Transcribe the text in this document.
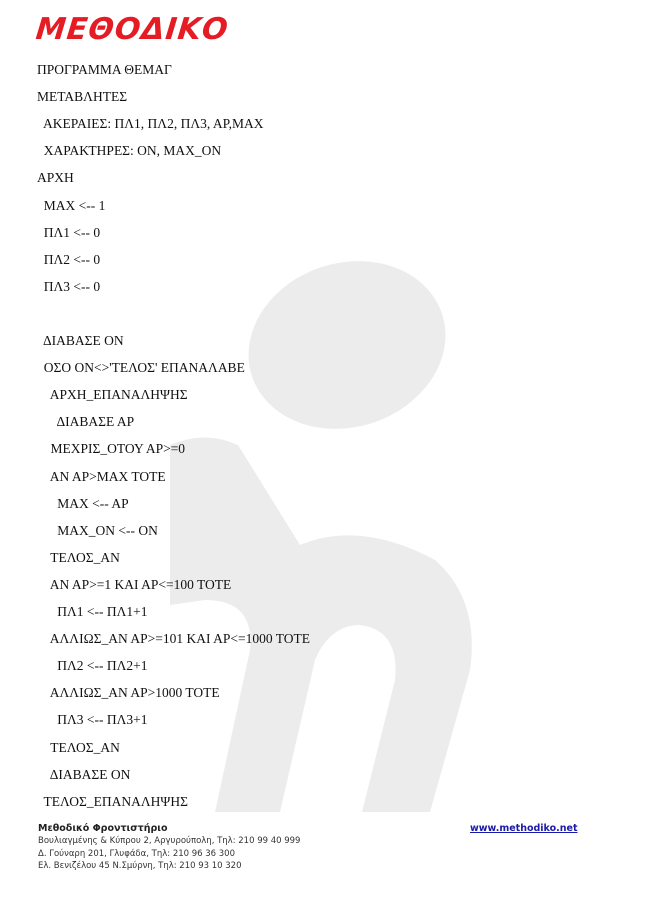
ΜΕΘΟΔΙΚΟ
ΠΡΟΓΡΑΜΜΑ ΘΕΜΑΓ
ΜΕΤΑΒΛΗΤΕΣ
ΑΚΕΡΑΙΕΣ: ΠΛ1, ΠΛ2, ΠΛ3, ΑΡ,ΜΑΧ
ΧΑΡΑΚΤΗΡΕΣ: ΟΝ, ΜΑΧ_ΟΝ
ΑΡΧΗ
ΜΑΧ <-- 1
ΠΛ1 <-- 0
ΠΛ2 <-- 0
ΠΛ3 <-- 0
ΔΙΑΒΑΣΕ ΟΝ
ΟΣΟ ΟΝ<>'ΤΕΛΟΣ' ΕΠΑΝΑΛΑΒΕ
ΑΡΧΗ_ΕΠΑΝΑΛΗΨΗΣ
ΔΙΑΒΑΣΕ ΑΡ
ΜΕΧΡΙΣ_ΟΤΟΥ ΑΡ>=0
ΑΝ ΑΡ>ΜΑΧ ΤΟΤΕ
ΜΑΧ <-- ΑΡ
ΜΑΧ_ΟΝ <-- ΟΝ
ΤΕΛΟΣ_ΑΝ
ΑΝ ΑΡ>=1 ΚΑΙ ΑΡ<=100 ΤΟΤΕ
ΠΛ1 <-- ΠΛ1+1
ΑΛΛΙΩΣ_ΑΝ ΑΡ>=101 ΚΑΙ ΑΡ<=1000 ΤΟΤΕ
ΠΛ2 <-- ΠΛ2+1
ΑΛΛΙΩΣ_ΑΝ ΑΡ>1000 ΤΟΤΕ
ΠΛ3 <-- ΠΛ3+1
ΤΕΛΟΣ_ΑΝ
ΔΙΑΒΑΣΕ ΟΝ
ΤΕΛΟΣ_ΕΠΑΝΑΛΗΨΗΣ
Μεθοδικό Φροντιστήριο
Βουλιαγμένης & Κύπρου 2, Αργυρούπολη, Τηλ: 210 99 40 999
Δ. Γούναρη 201, Γλυφάδα, Τηλ: 210 96 36 300
Ελ. Βενιζέλου 45 Ν.Σμύρνη, Τηλ: 210 93 10 320
www.methodiko.net
